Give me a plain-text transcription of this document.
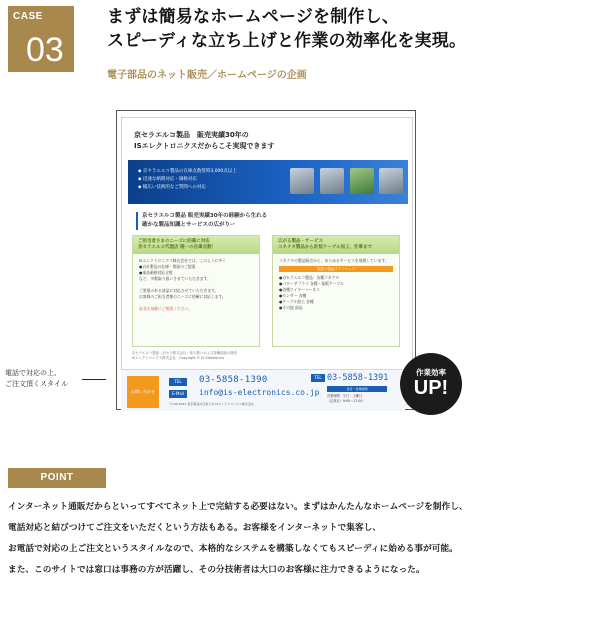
CASE
03
まずは簡易なホームページを制作し、
スピーディな立ち上げと作業の効率化を実現。
電子部品のネット販売／ホームページの企画
京セラエルコ製品　販売実績30年の
ISエレクトロニクスだからこそ実現できます
◆ 京セラエルコ製品の在庫点数常時3,000点以上
◆ 迅速な納期対応・価格対応
◆ 幅広い技術的なご質問への対応
京セラエルコ製品 販売実績30年の経験から生れる
確かな製品知識とサービスの広がりー
ご担当者さまのニーズに的確に対応
京セラエルコ代理店 随一の在庫点数！
ISエレクトロニクス株式会社では、このように多く
●自社製品の在庫・開発のご提案
●部品価格対応全般
など、多数取り扱いさせていただきます。

ご要望のある部品に対応させていただきます。
お客様のご担当者様のニーズに的確に対応します。

是非お気軽にご相談ください。
広がる製品・サービス
コネクタ製品から計装ケーブル加工、仕事まで
コネクタの製品販売から、あらゆるサービスを展開しています。
取扱い製品ラインナップ
●京セラエルコ製品：各種コネクタ
●パワーサプライ 各種・基板ケーブル
●各種ワイヤーハーネス
●センサー 各種
●ケーブル加工 各種
●その他 部品
京セラエルコ製品（京セラ株式会社）取り扱いおよび各種部品の販売
ISエレクトロニクス株式会社　Copyright © IS-Electronics
お問い合わせ
TEL	03-5858-1390
E-Mail	info@is-electronics.co.jp
〒140-0011 東京都品川区東大井 ISエレクトロニクス株式会社
TEL 03-5858-1391
受付・営業時間
営業時間　平日・土曜日
（定休日）9:00〜17:00
電話で対応の上、
ご注文頂くスタイル
作業効率
UP!
POINT
インターネット通販だからといってすべてネット上で完結する必要はない。まずはかんたんなホームページを制作し、
電話対応と結びつけてご注文をいただくという方法もある。お客様をインターネットで集客し、
お電話で対応の上ご注文というスタイルなので、本格的なシステムを構築しなくてもスピーディに始める事が可能。
また、このサイトでは窓口は事務の方が活躍し、その分技術者は大口のお客様に注力できるようになった。
